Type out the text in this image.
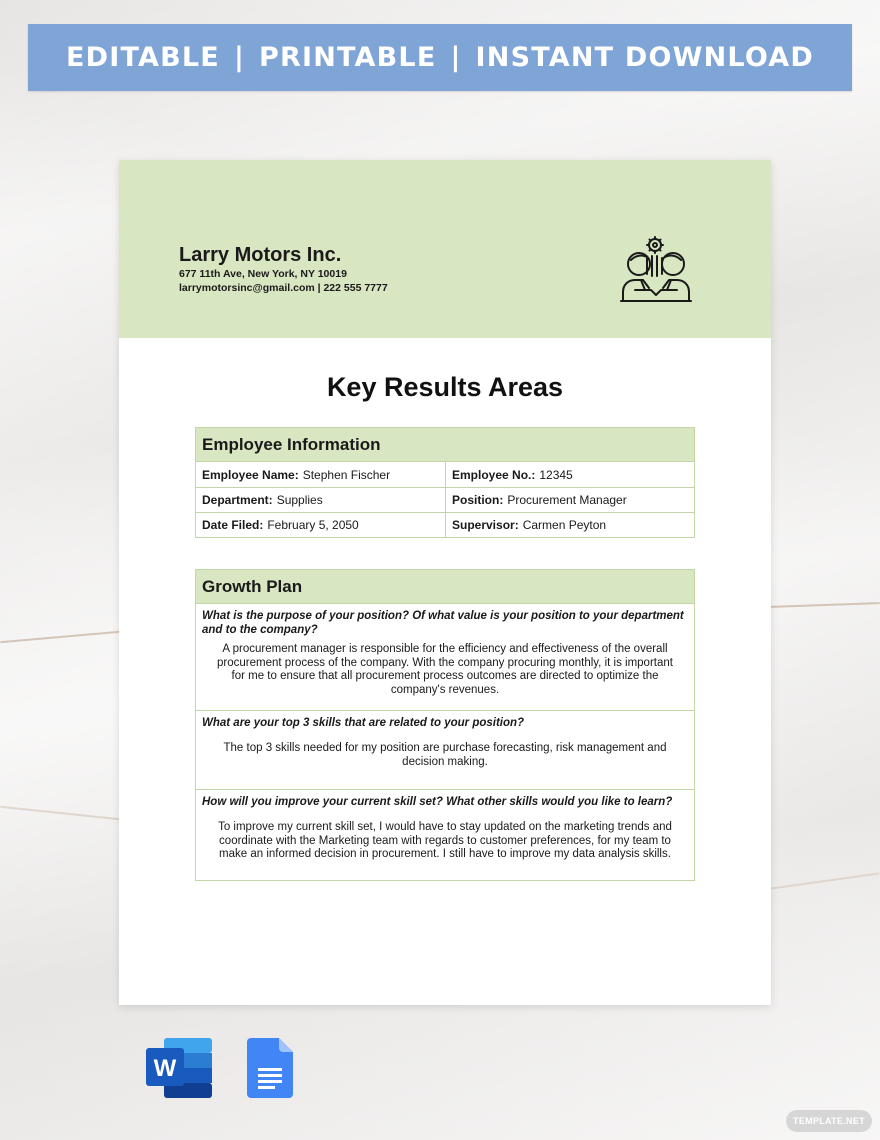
EDITABLE | PRINTABLE | INSTANT DOWNLOAD
Larry Motors Inc.
677 11th Ave, New York, NY 10019
larrymotorsinc@gmail.com | 222 555 7777
Key Results Areas
Employee Information
Employee Name: Stephen Fischer	Employee No.: 12345
Department: Supplies	Position: Procurement Manager
Date Filed: February 5, 2050	Supervisor: Carmen Peyton
Growth Plan
What is the purpose of your position? Of what value is your position to your department and to the company?
A procurement manager is responsible for the efficiency and effectiveness of the overall procurement process of the company. With the company procuring monthly, it is important for me to ensure that all procurement process outcomes are directed to optimize the company's revenues.
What are your top 3 skills that are related to your position?
The top 3 skills needed for my position are purchase forecasting, risk management and decision making.
How will you improve your current skill set? What other skills would you like to learn?
To improve my current skill set, I would have to stay updated on the marketing trends and coordinate with the Marketing team with regards to customer preferences, for my team to make an informed decision in procurement. I still have to improve my data analysis skills.
W
TEMPLATE.NET
